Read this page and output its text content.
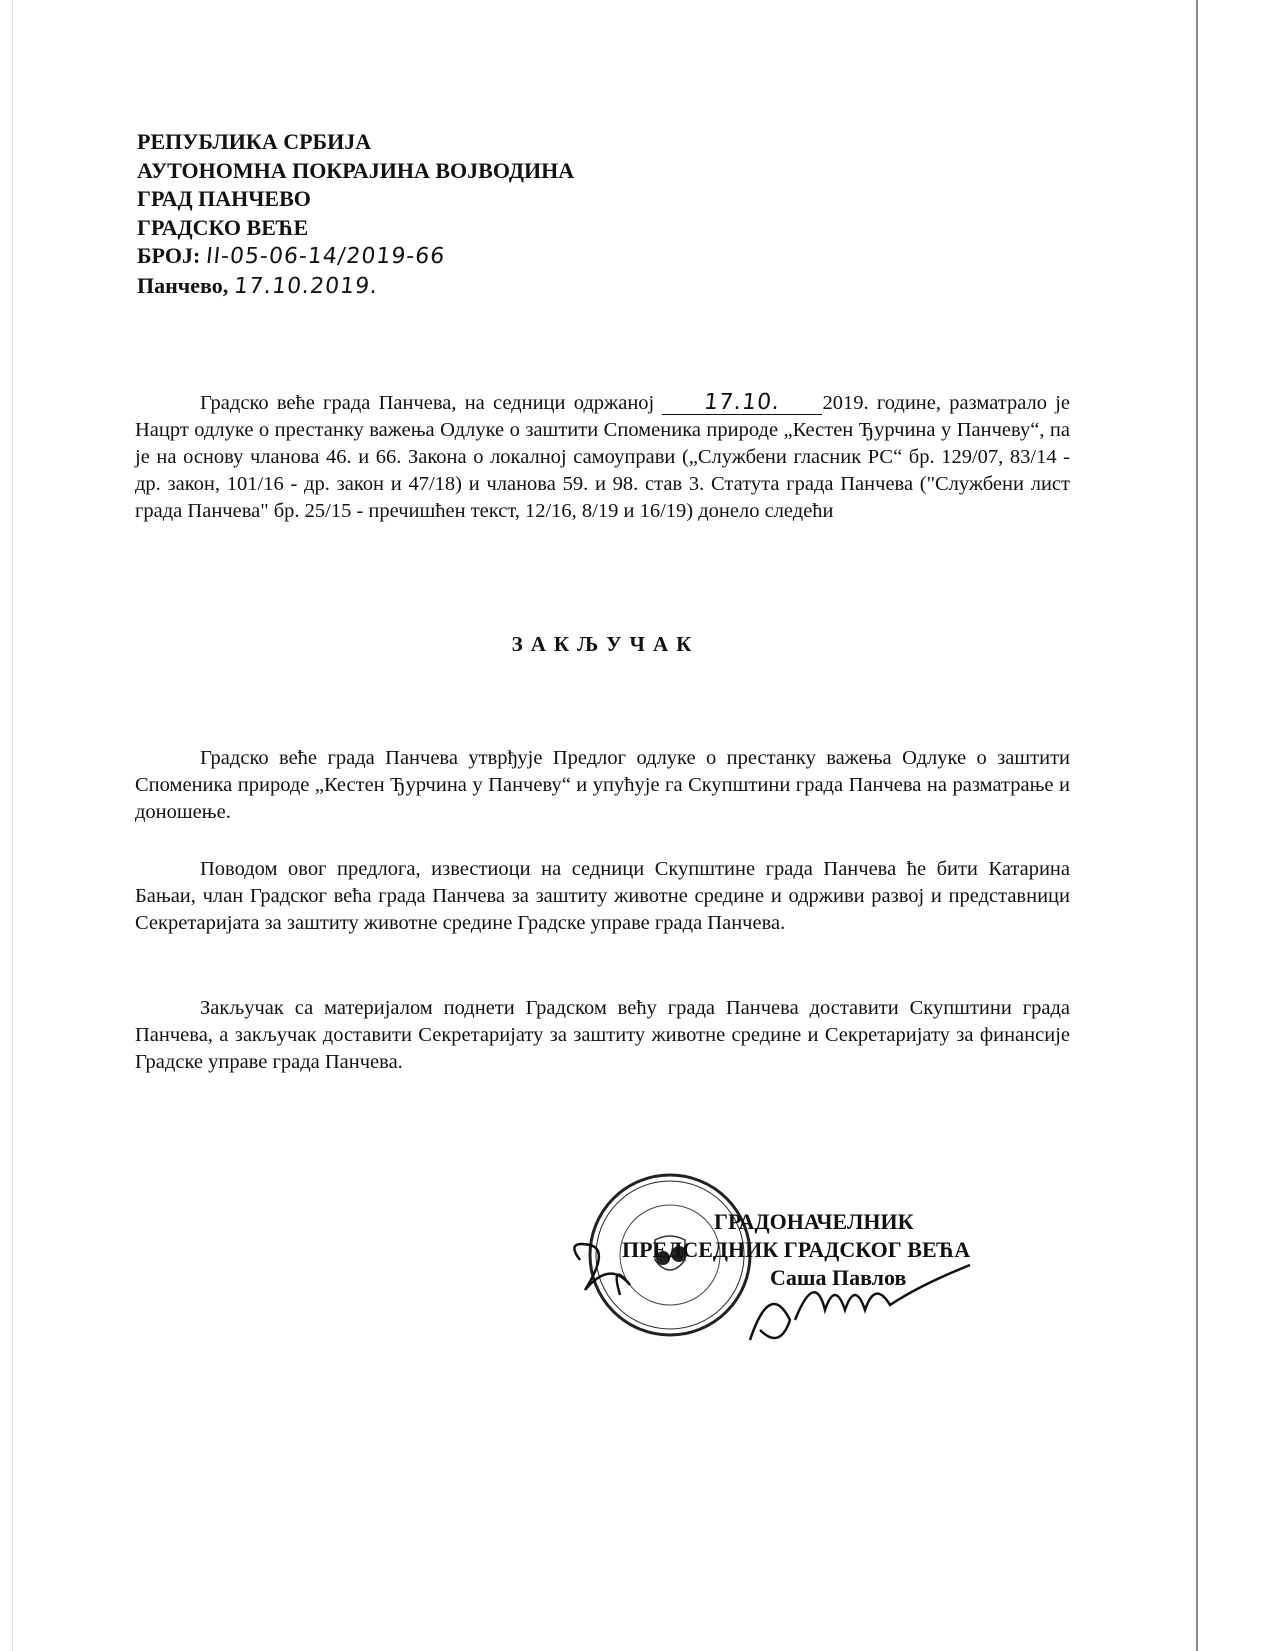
РЕПУБЛИКА СРБИЈА
АУТОНОМНА ПОКРАЈИНА ВОЈВОДИНА
ГРАД ПАНЧЕВО
ГРАДСКО ВЕЋЕ
БРОЈ: II-05-06-14/2019-66
Панчево, 17.10.2019.
Градско веће града Панчева, на седници одржаној 17.10. 2019. године, разматрало је Нацрт одлуке о престанку важења Одлуке о заштити Споменика природе „Кестен Ђурчина у Панчеву“, па је на основу чланова 46. и 66. Закона о локалној самоуправи („Службени гласник РС“ бр. 129/07, 83/14 - др. закон, 101/16 - др. закон и 47/18) и чланова 59. и 98. став 3. Статута града Панчева ("Службени лист града Панчева" бр. 25/15 - пречишћен текст, 12/16, 8/19 и 16/19) донело следећи
ЗАКЉУЧАК
Градско веће града Панчева утврђује Предлог одлуке о престанку важења Одлуке о заштити Споменика природе „Кестен Ђурчина у Панчеву“ и упућује га Скупштини града Панчева на разматрање и доношење.
Поводом овог предлога, известиоци на седници Скупштине града Панчева ће бити Катарина Бањаи, члан Градског већа града Панчева за заштиту животне средине и одрживи развој и представници Секретаријата за заштиту животне средине Градске управе града Панчева.
Закључак са материјалом поднети Градском већу града Панчева доставити Скупштини града Панчева, а закључак доставити Секретаријату за заштиту животне средине и Секретаријату за финансије Градске управе града Панчева.
ГРАДОНАЧЕЛНИК
ПРЕДСЕДНИК ГРАДСКОГ ВЕЋА
Саша Павлов
